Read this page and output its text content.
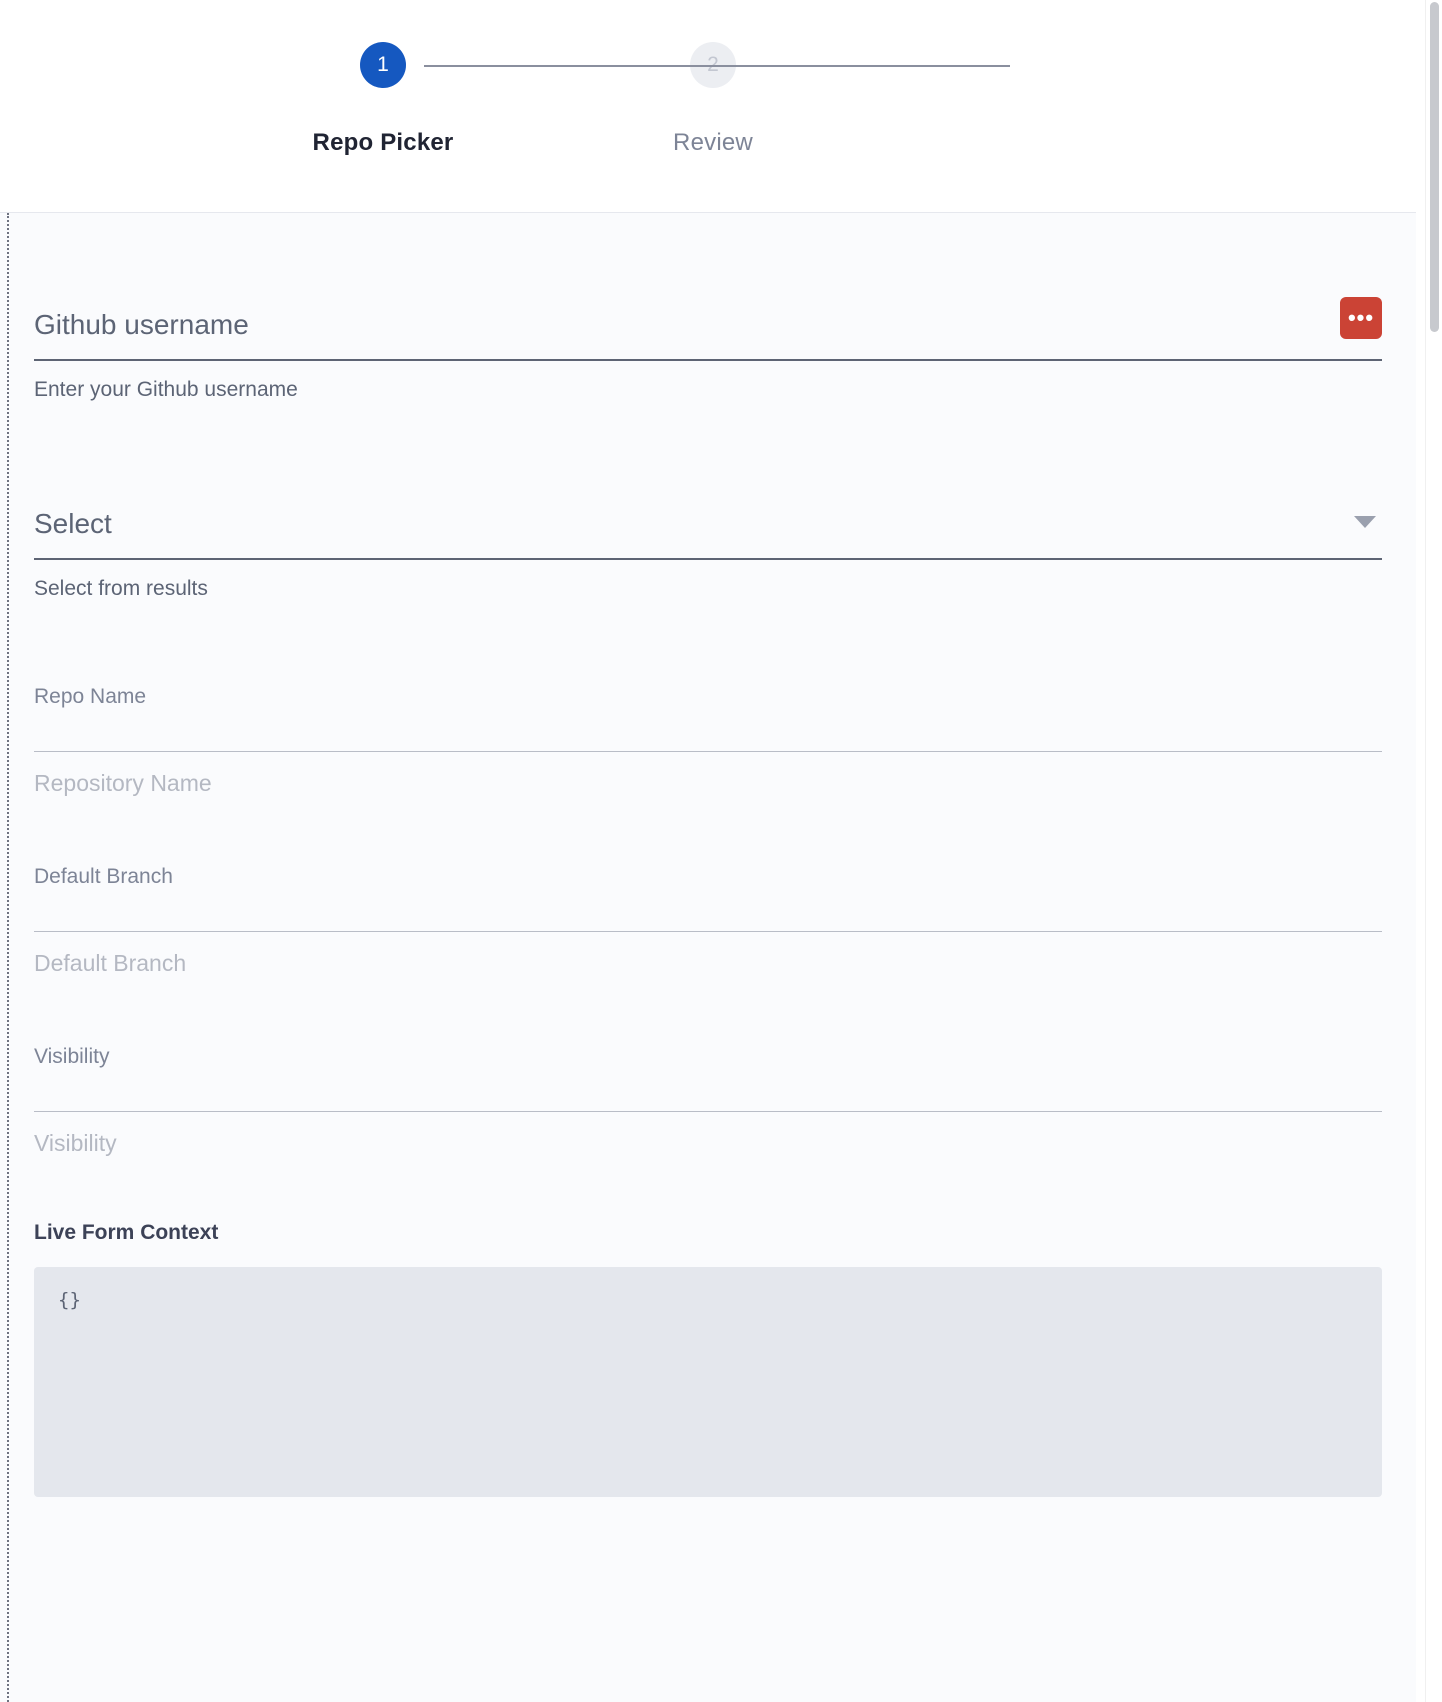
1
Repo Picker	Review
Github username	•••
Enter your Github username
Select
Select from results
Repo Name
Repository Name
Default Branch
Default Branch
Visibility
Visibility
Live Form Context
{}
